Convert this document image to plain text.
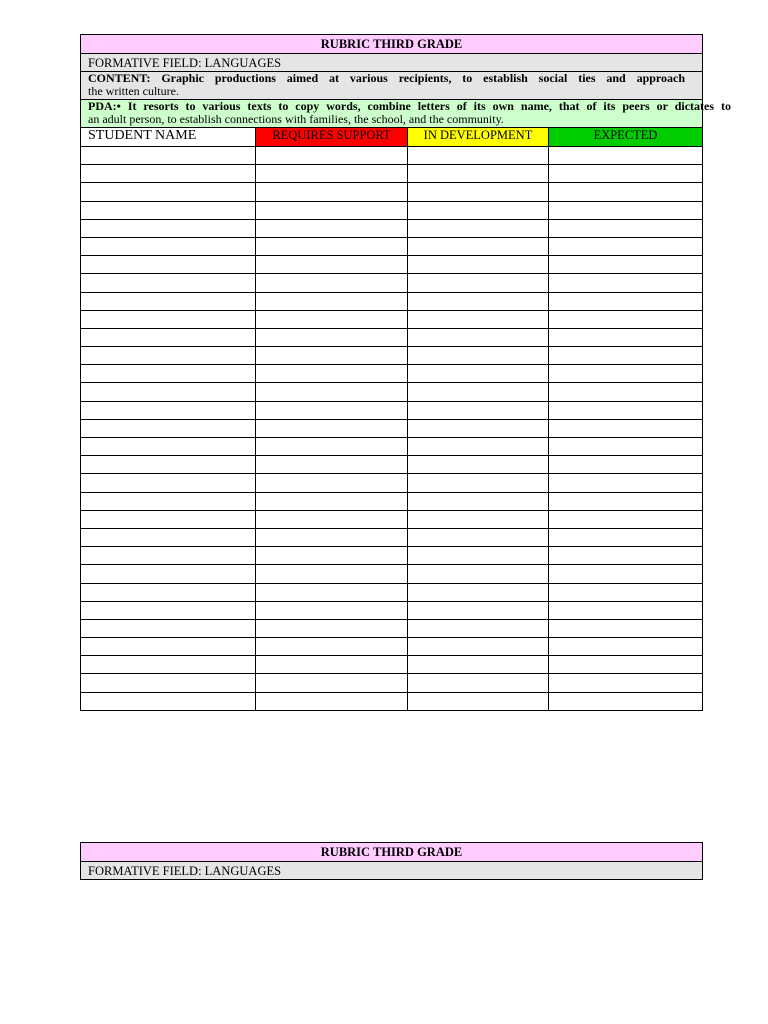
RUBRIC THIRD GRADE			
FORMATIVE FIELD: LANGUAGES			

CONTENT: Graphic productions aimed at various recipients, to establish social ties and approach
the written culture.			

PDA:• It resorts to various texts to copy words, combine letters of its own name, that of its peers or dictates to
an adult person, to establish connections with families, the school, and the community.			

STUDENT NAME	REQUIRES SUPPORT	IN DEVELOPMENT	EXPECTED

RUBRIC THIRD GRADE
FORMATIVE FIELD: LANGUAGES
